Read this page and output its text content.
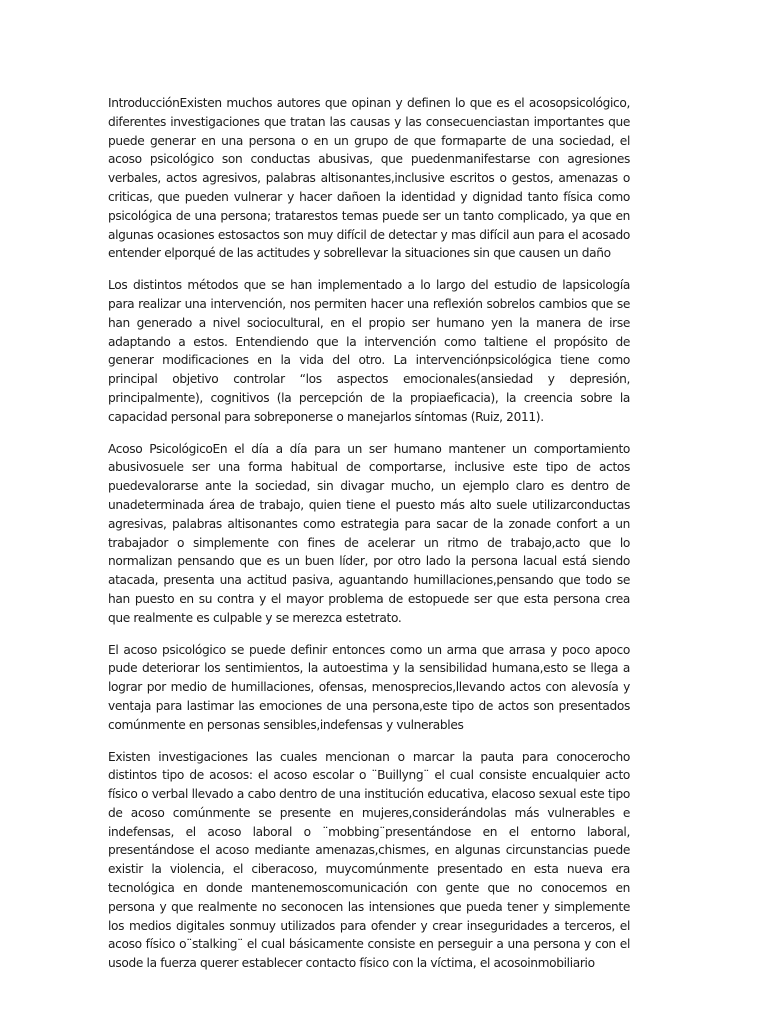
IntroducciónExisten muchos autores que opinan y definen lo que es el acosopsicológico, diferentes investigaciones que tratan las causas y las consecuenciastan importantes que puede generar en una persona o en un grupo de que formaparte de una sociedad, el acoso psicológico son conductas abusivas, que puedenmanifestarse con agresiones verbales, actos agresivos, palabras altisonantes,inclusive escritos o gestos, amenazas o criticas, que pueden vulnerar y hacer dañoen la identidad y dignidad tanto física como psicológica de una persona; tratarestos temas puede ser un tanto complicado, ya que en algunas ocasiones estosactos son muy difícil de detectar y mas difícil aun para el acosado entender elporqué de las actitudes y sobrellevar la situaciones sin que causen un daño

Los distintos métodos que se han implementado a lo largo del estudio de lapsicología para realizar una intervención, nos permiten hacer una reflexión sobrelos cambios que se han generado a nivel sociocultural, en el propio ser humano yen la manera de irse adaptando a estos. Entendiendo que la intervención como taltiene el propósito de generar modificaciones en la vida del otro. La intervenciónpsicológica tiene como principal objetivo controlar “los aspectos emocionales(ansiedad y depresión, principalmente), cognitivos (la percepción de la propiaeficacia), la creencia sobre la capacidad personal para sobreponerse o manejarlos síntomas (Ruiz, 2011).

Acoso PsicológicoEn el día a día para un ser humano mantener un comportamiento abusivosuele ser una forma habitual de comportarse, inclusive este tipo de actos puedevalorarse ante la sociedad, sin divagar mucho, un ejemplo claro es dentro de unadeterminada área de trabajo, quien tiene el puesto más alto suele utilizarconductas agresivas, palabras altisonantes como estrategia para sacar de la zonade confort a un trabajador o simplemente con fines de acelerar un ritmo de trabajo,acto que lo normalizan pensando que es un buen líder, por otro lado la persona lacual está siendo atacada, presenta una actitud pasiva, aguantando humillaciones,pensando que todo se han puesto en su contra y el mayor problema de estopuede ser que esta persona crea que realmente es culpable y se merezca estetrato.

El acoso psicológico se puede definir entonces como un arma que arrasa y poco apoco pude deteriorar los sentimientos, la autoestima y la sensibilidad humana,esto se llega a lograr por medio de humillaciones, ofensas, menosprecios,llevando actos con alevosía y ventaja para lastimar las emociones de una persona,este tipo de actos son presentados comúnmente en personas sensibles,indefensas y vulnerables

Existen investigaciones las cuales mencionan o marcar la pauta para conocerocho distintos tipo de acosos: el acoso escolar o ¨Buillyng¨ el cual consiste encualquier acto físico o verbal llevado a cabo dentro de una institución educativa, elacoso sexual este tipo de acoso comúnmente se presente en mujeres,considerándolas más vulnerables e indefensas, el acoso laboral o ¨mobbing¨presentándose en el entorno laboral, presentándose el acoso mediante amenazas,chismes, en algunas circunstancias puede existir la violencia, el ciberacoso, muycomúnmente presentado en esta nueva era tecnológica en donde mantenemoscomunicación con gente que no conocemos en persona y que realmente no seconocen las intensiones que pueda tener y simplemente los medios digitales sonmuy utilizados para ofender y crear inseguridades a terceros, el acoso físico o¨stalking¨ el cual básicamente consiste en perseguir a una persona y con el usode la fuerza querer establecer contacto físico con la víctima, el acosoinmobiliario
